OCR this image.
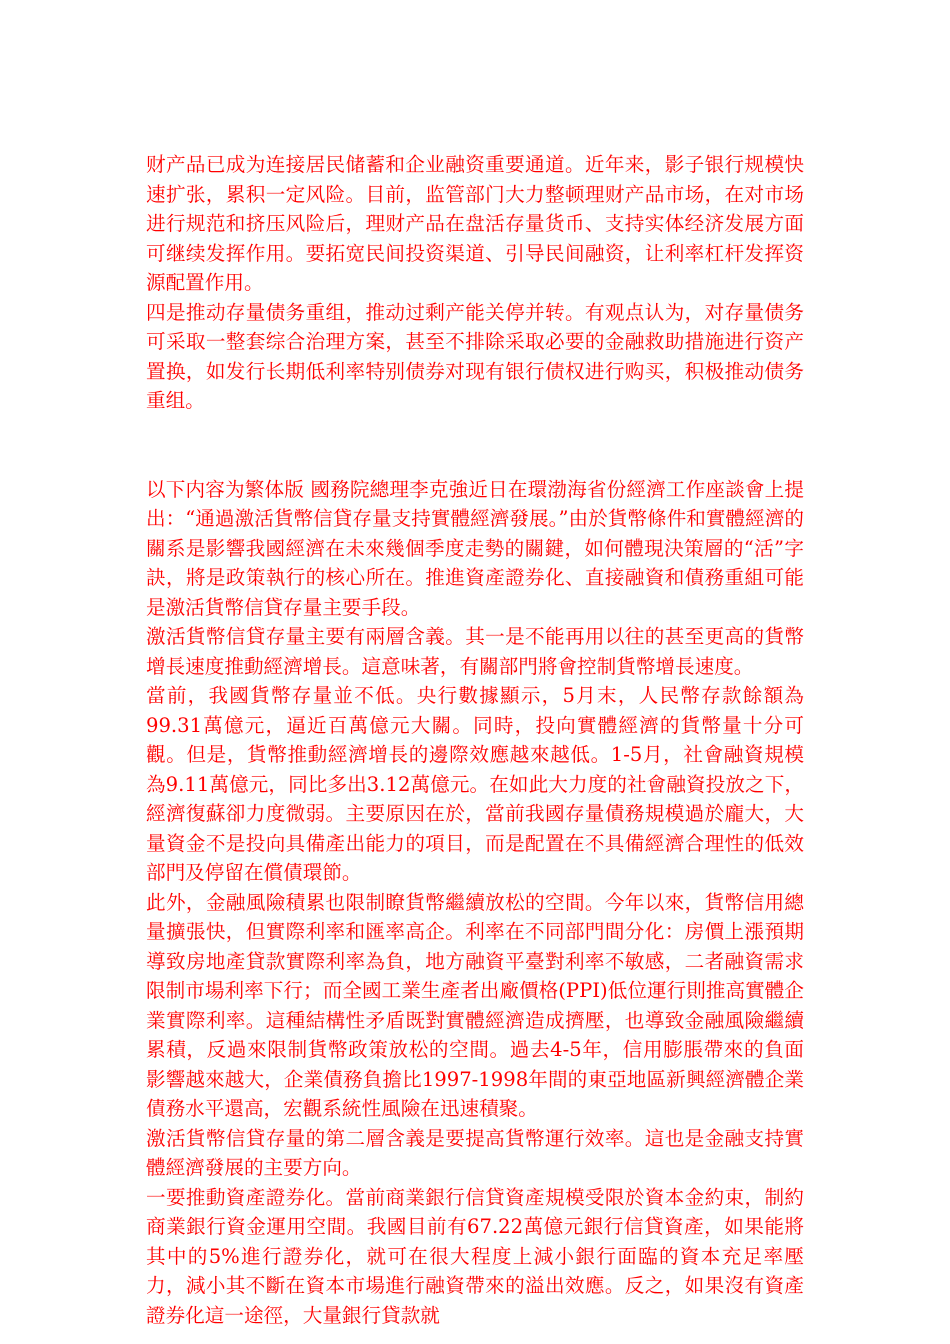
财产品已成为连接居民储蓄和企业融资重要通道。近年来，影子银行规模快速扩张，累积一定风险。目前，监管部门大力整顿理财产品市场，在对市场进行规范和挤压风险后，理财产品在盘活存量货币、支持实体经济发展方面可继续发挥作用。要拓宽民间投资渠道、引导民间融资，让利率杠杆发挥资源配置作用。

四是推动存量债务重组，推动过剩产能关停并转。有观点认为，对存量债务可采取一整套综合治理方案，甚至不排除采取必要的金融救助措施进行资产置换，如发行长期低利率特别债券对现有银行债权进行购买，积极推动债务重组。

以下内容为繁体版 國務院總理李克強近日在環渤海省份經濟工作座談會上提出：“通過激活貨幣信貸存量支持實體經濟發展。”由於貨幣條件和實體經濟的關系是影響我國經濟在未來幾個季度走勢的關鍵，如何體現決策層的“活”字訣，將是政策執行的核心所在。推進資產證券化、直接融資和債務重組可能是激活貨幣信貸存量主要手段。

激活貨幣信貸存量主要有兩層含義。其一是不能再用以往的甚至更高的貨幣增長速度推動經濟增長。這意味著，有關部門將會控制貨幣增長速度。

當前，我國貨幣存量並不低。央行數據顯示，5月末，人民幣存款餘額為99.31萬億元，逼近百萬億元大關。同時，投向實體經濟的貨幣量十分可觀。但是，貨幣推動經濟增長的邊際效應越來越低。1-5月，社會融資規模為9.11萬億元，同比多出3.12萬億元。在如此大力度的社會融資投放之下，經濟復蘇卻力度微弱。主要原因在於，當前我國存量債務規模過於龐大，大量資金不是投向具備產出能力的項目，而是配置在不具備經濟合理性的低效部門及停留在償債環節。

此外，金融風險積累也限制瞭貨幣繼續放松的空間。今年以來，貨幣信用總量擴張快，但實際利率和匯率高企。利率在不同部門間分化：房價上漲預期導致房地產貸款實際利率為負，地方融資平臺對利率不敏感，二者融資需求限制市場利率下行；而全國工業生產者出廠價格(PPI)低位運行則推高實體企業實際利率。這種結構性矛盾既對實體經濟造成擠壓，也導致金融風險繼續累積，反過來限制貨幣政策放松的空間。過去4-5年，信用膨脹帶來的負面影響越來越大，企業債務負擔比1997-1998年間的東亞地區新興經濟體企業債務水平還高，宏觀系統性風險在迅速積聚。

激活貨幣信貸存量的第二層含義是要提高貨幣運行效率。這也是金融支持實體經濟發展的主要方向。

一要推動資產證券化。當前商業銀行信貸資產規模受限於資本金約束，制約商業銀行資金運用空間。我國目前有67.22萬億元銀行信貸資產，如果能將其中的5%進行證券化，就可在很大程度上減小銀行面臨的資本充足率壓力，減小其不斷在資本市場進行融資帶來的溢出效應。反之，如果沒有資產證券化這一途徑，大量銀行貸款就
